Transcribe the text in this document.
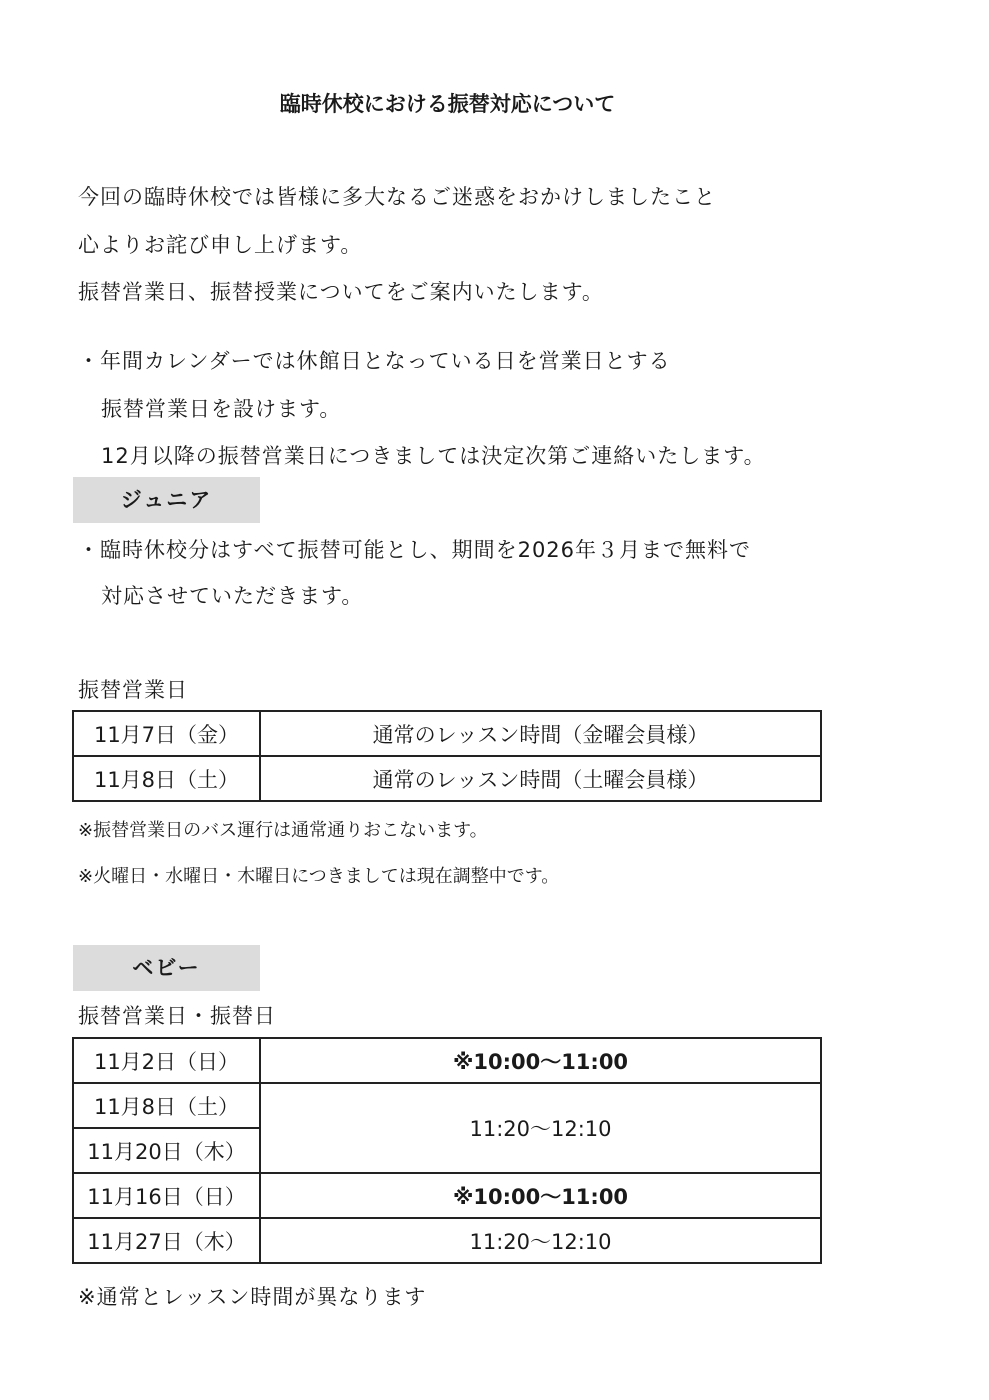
臨時休校における振替対応について
今回の臨時休校では皆様に多大なるご迷惑をおかけしましたこと
心よりお詫び申し上げます。
振替営業日、振替授業についてをご案内いたします。
・年間カレンダーでは休館日となっている日を営業日とする
振替営業日を設けます。
12月以降の振替営業日につきましては決定次第ご連絡いたします。
ジュニア
・臨時休校分はすべて振替可能とし、期間を2026年３月まで無料で
対応させていただきます。
振替営業日
11月7日（金）	通常のレッスン時間（金曜会員様）
11月8日（土）	通常のレッスン時間（土曜会員様）
※振替営業日のバス運行は通常通りおこないます。
※火曜日・水曜日・木曜日につきましては現在調整中です。
ベビー
振替営業日・振替日
11月2日（日）	※10:00〜11:00
11月8日（土）	11:20〜12:10
11月20日（木）	
11月16日（日）	※10:00〜11:00
11月27日（木）	11:20〜12:10
※通常とレッスン時間が異なります
